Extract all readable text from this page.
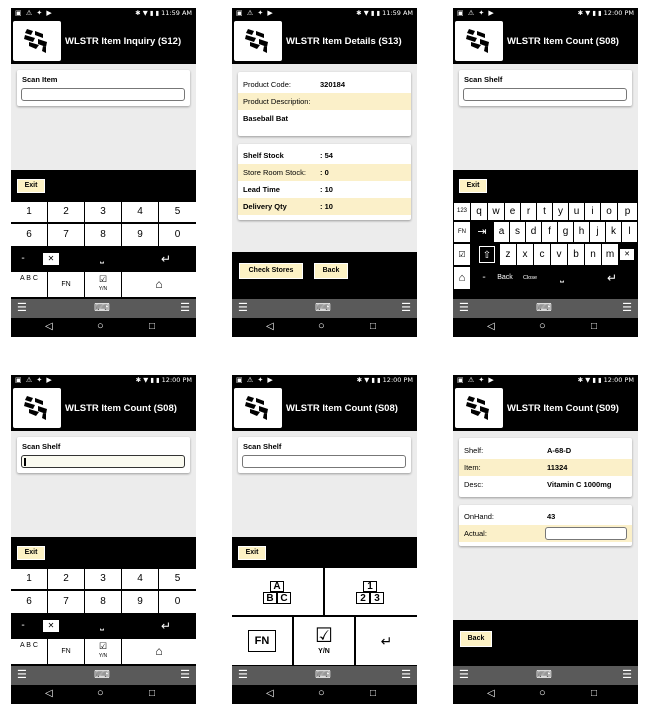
▣ ⚠ ✦ ▶	✱ ▼ ▮ ▮ 11:59 AM
WLSTR Item Inquiry (S12)
Scan Item
Exit
1	2	3	4	5
6	7	8	9	0
-	✕	⎵	↵
A B C
FN
☑
Y/N	⌂
☰	⌨	☰
◁	○	□
▣ ⚠ ✦ ▶	✱ ▼ ▮ ▮ 11:59 AM
WLSTR Item Details (S13)
Product Code:	320184
Product Description:
Baseball Bat
Shelf Stock	: 54
Store Room Stock: : 0
Lead Time	: 10
Delivery Qty	: 10
Check Stores	Back
☰	⌨	☰
◁	○	□
▣ ⚠ ✦ ▶	✱ ▼ ▮ ▮ 12:00 PM
WLSTR Item Count (S08)
Scan Shelf
Exit
123 q	w	e	r	t	y	u	i	o	p
FN	⇥	a	s	d	f	g	h	j	k	l
☑	⇧	z	x	c	v	b	n	m	✕
⌂	-	Back	Close	⎵	↵
☰	⌨	☰
◁	○	□
▣ ⚠ ✦ ▶	✱ ▼ ▮ ▮ 12:00 PM
WLSTR Item Count (S08)
Scan Shelf
Exit
1	2	3	4	5
6	7	8	9	0
-	✕	⎵	↵
A B C
FN
☑
Y/N	⌂
☰	⌨	☰
◁	○	□
▣ ⚠ ✦ ▶	✱ ▼ ▮ ▮ 12:00 PM
WLSTR Item Count (S08)
Scan Shelf
Exit
A
B C
1
2 3
FN	☑
Y/N
↵
☰	⌨	☰
◁	○	□
▣ ⚠ ✦ ▶	✱ ▼ ▮ ▮ 12:00 PM
WLSTR Item Count (S09)
Shelf:	A-68-D
Item:	11324
Desc:	Vitamin C 1000mg
OnHand:	43
Actual:
Back
☰	⌨	☰
◁	○	□
